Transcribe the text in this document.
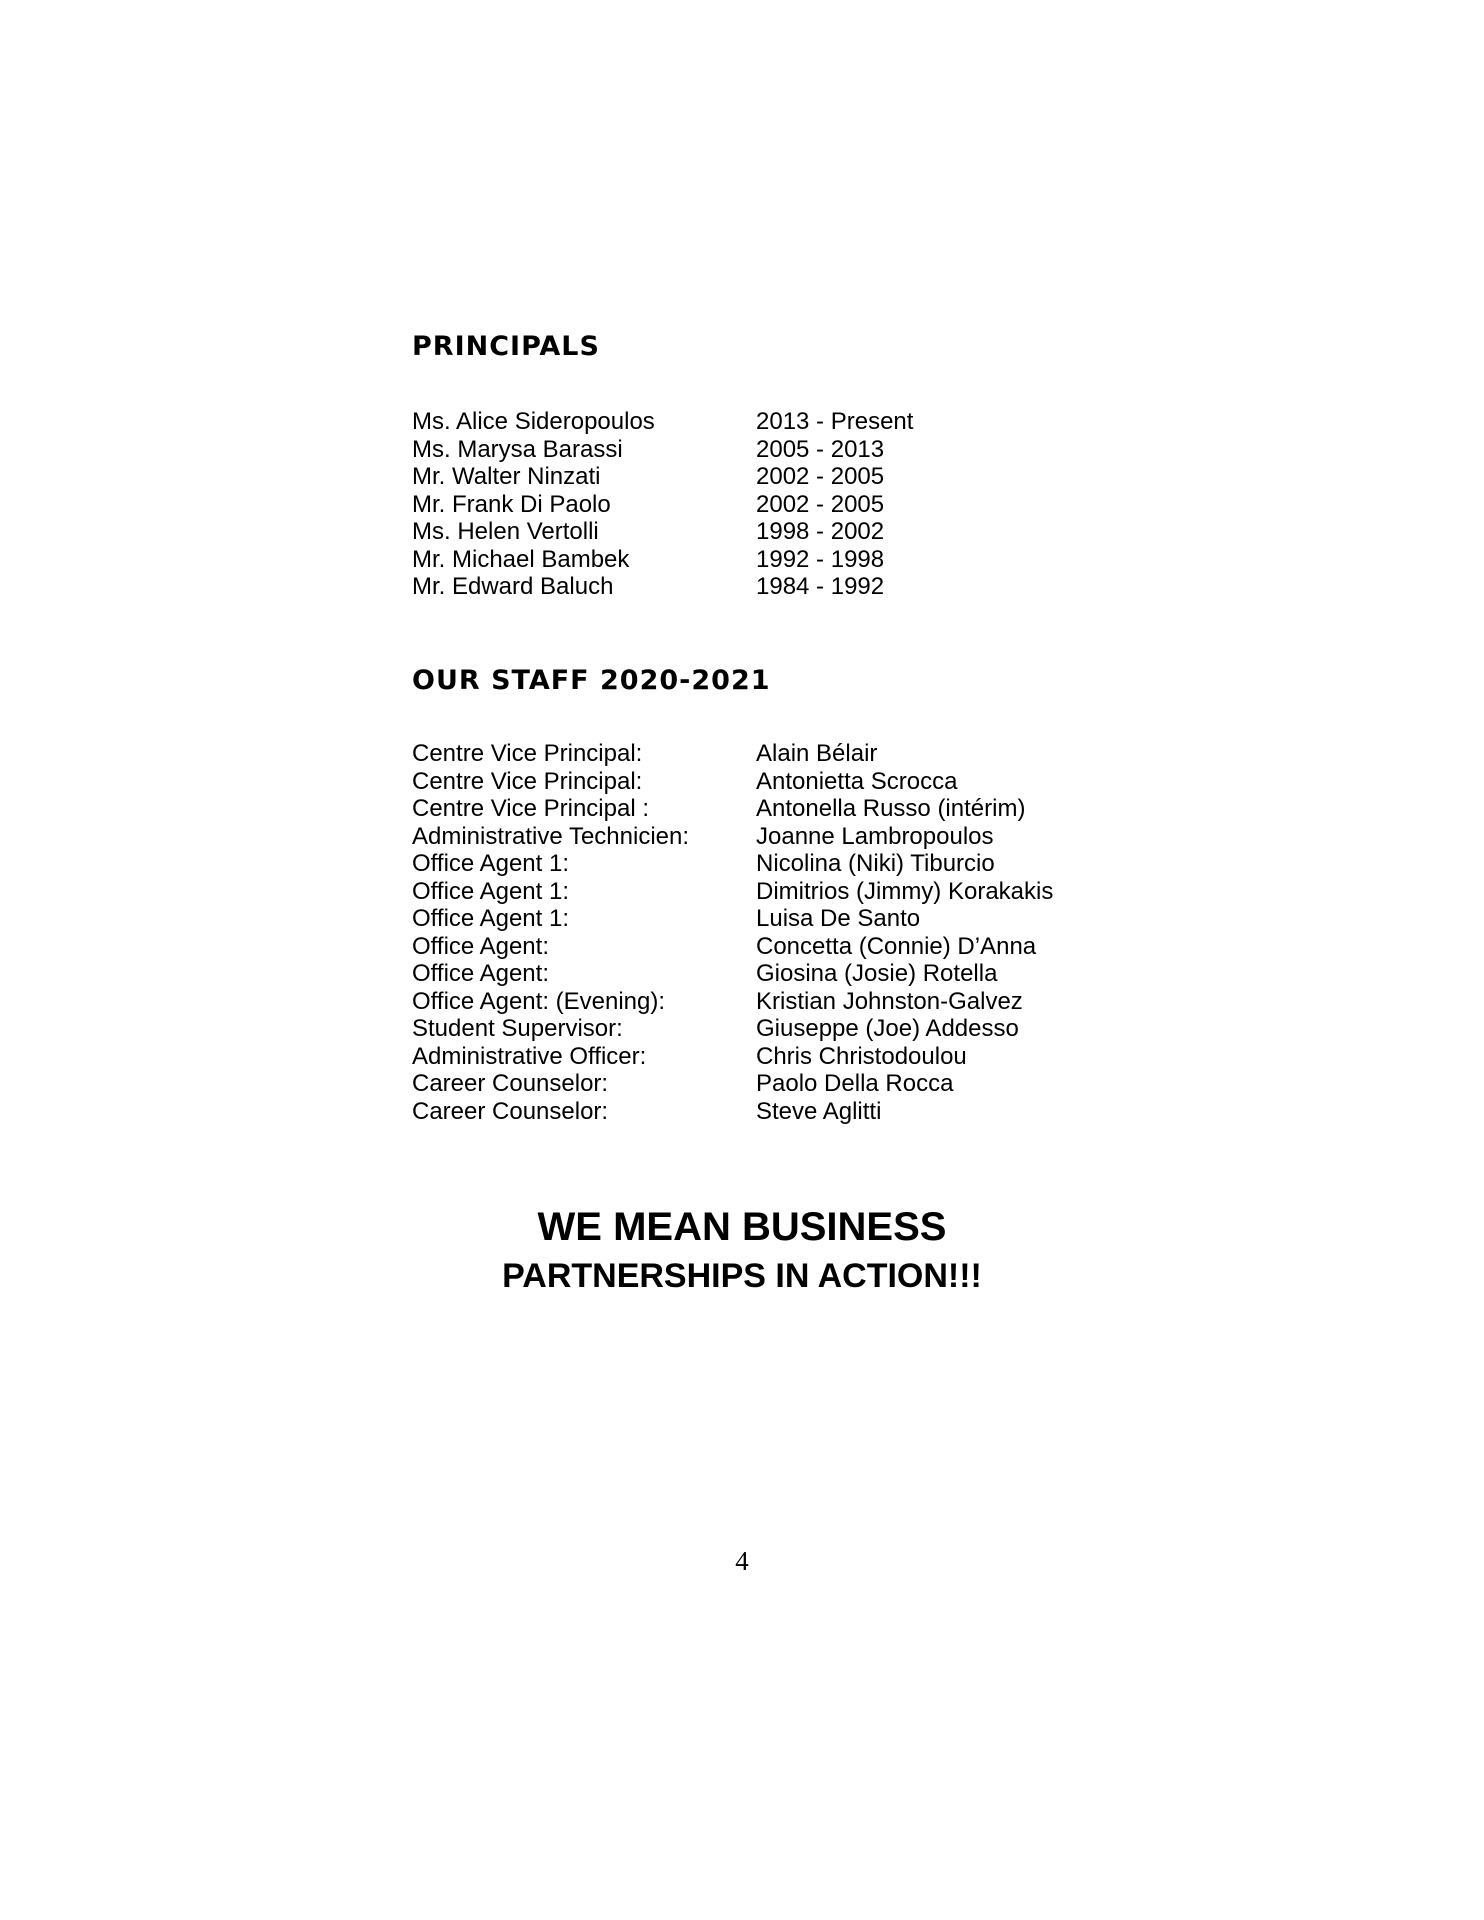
PRINCIPALS
Ms. Alice Sideropoulos	2013 - Present
Ms. Marysa Barassi	2005 - 2013
Mr. Walter Ninzati	2002 - 2005
Mr. Frank Di Paolo	2002 - 2005
Ms. Helen Vertolli	1998 - 2002
Mr. Michael Bambek	1992 - 1998
Mr. Edward Baluch	1984 - 1992
OUR STAFF 2020-2021
Centre Vice Principal:	Alain Bélair
Centre Vice Principal:	Antonietta Scrocca
Centre Vice Principal :	Antonella Russo (intérim)
Administrative Technicien:	Joanne Lambropoulos
Office Agent 1:	Nicolina (Niki) Tiburcio
Office Agent 1:	Dimitrios (Jimmy) Korakakis
Office Agent 1:	Luisa De Santo
Office Agent:	Concetta (Connie) D’Anna
Office Agent:	Giosina (Josie) Rotella
Office Agent: (Evening):	Kristian Johnston-Galvez
Student Supervisor:	Giuseppe (Joe) Addesso
Administrative Officer:	Chris Christodoulou
Career Counselor:	Paolo Della Rocca
Career Counselor:	Steve Aglitti

WE MEAN BUSINESS

PARTNERSHIPS IN ACTION!!!

4
